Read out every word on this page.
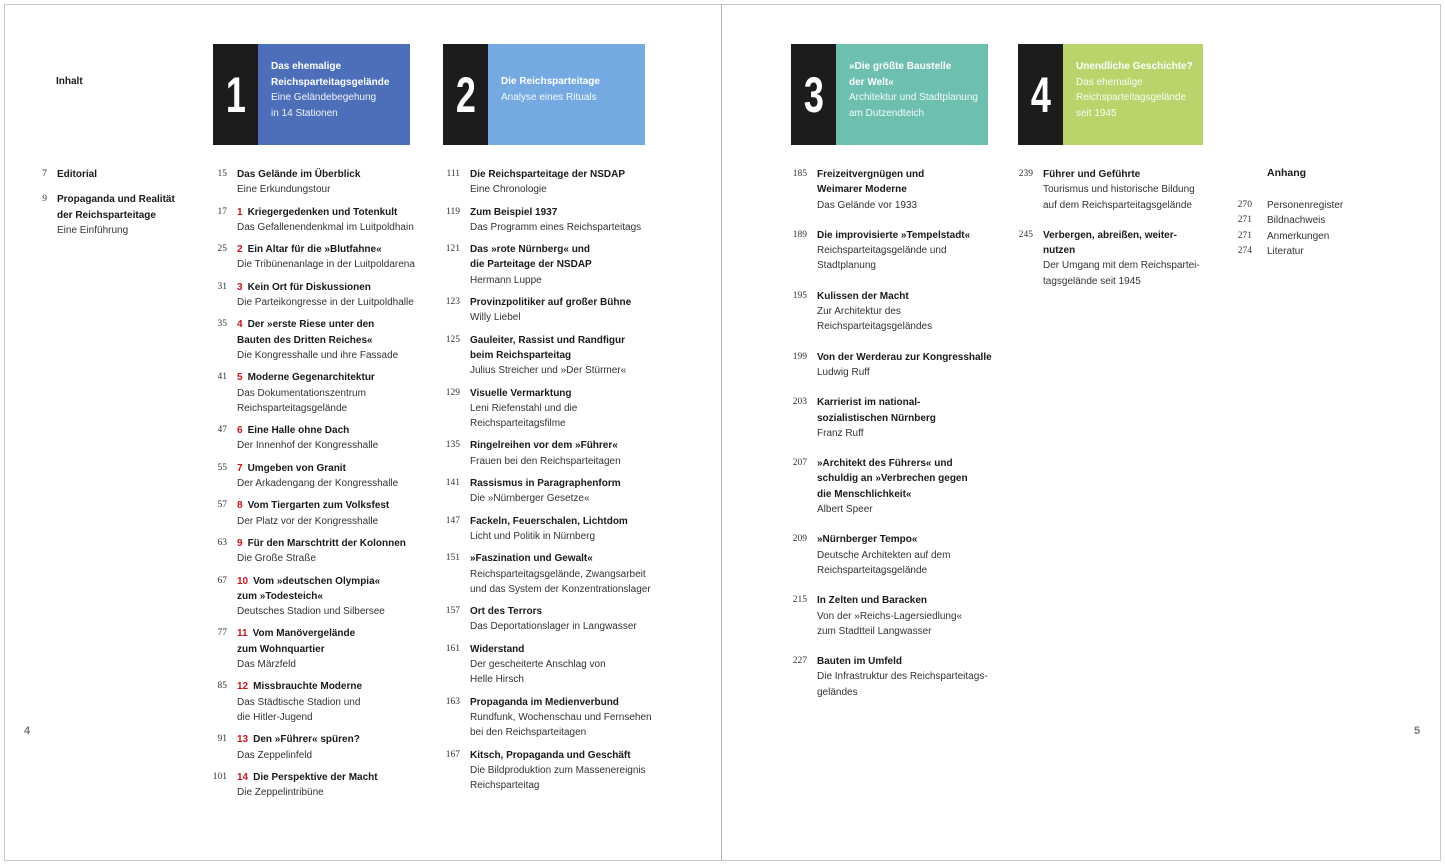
Inhalt
4	5
1	Das ehemalige
Reichsparteitagsgelände
Eine Geländebegehung
in 14 Stationen	2	Die Reichsparteitage
Analyse eines Rituals	3	»Die größte Baustelle
der Welt«
Architektur und Stadtplanung
am Dutzendteich	4	Unendliche Geschichte?
Das ehemalige
Reichsparteitagsgelände
seit 1945
7 Editorial
9 Propaganda und Realität
der Reichsparteitage
Eine Einführung
15 Das Gelände im Überblick
Eine Erkundungstour
17 1 Kriegergedenken und Totenkult
Das Gefallenendenkmal im Luitpoldhain
25 2 Ein Altar für die »Blutfahne«
Die Tribünenanlage in der Luitpoldarena
31 3 Kein Ort für Diskussionen
Die Parteikongresse in der Luitpoldhalle
35 4 Der »erste Riese unter den
Bauten des Dritten Reiches«
Die Kongresshalle und ihre Fassade
41 5 Moderne Gegenarchitektur
Das Dokumentationszentrum
Reichsparteitagsgelände
47 6 Eine Halle ohne Dach
Der Innenhof der Kongresshalle
55 7 Umgeben von Granit
Der Arkadengang der Kongresshalle
57 8 Vom Tiergarten zum Volksfest
Der Platz vor der Kongresshalle
63 9 Für den Marschtritt der Kolonnen
Die Große Straße
67 10 Vom »deutschen Olympia«
zum »Todesteich«
Deutsches Stadion und Silbersee
77 11 Vom Manövergelände
zum Wohnquartier
Das Märzfeld
85 12 Missbrauchte Moderne
Das Städtische Stadion und
die Hitler-Jugend
91 13 Den »Führer« spüren?
Das Zeppelinfeld
101 14 Die Perspektive der Macht
Die Zeppelintribüne
111 Die Reichsparteitage der NSDAP
Eine Chronologie
119 Zum Beispiel 1937
Das Programm eines Reichsparteitags
121 Das »rote Nürnberg« und
die Parteitage der NSDAP
Hermann Luppe
123 Provinzpolitiker auf großer Bühne
Willy Liebel
125 Gauleiter, Rassist und Randfigur
beim Reichsparteitag
Julius Streicher und »Der Stürmer«
129 Visuelle Vermarktung
Leni Riefenstahl und die
Reichsparteitagsfilme
135 Ringelreihen vor dem »Führer«
Frauen bei den Reichsparteitagen
141 Rassismus in Paragraphenform
Die »Nürnberger Gesetze«
147 Fackeln, Feuerschalen, Lichtdom
Licht und Politik in Nürnberg
151 »Faszination und Gewalt«
Reichsparteitagsgelände, Zwangsarbeit
und das System der Konzentrationslager
157 Ort des Terrors
Das Deportationslager in Langwasser
161 Widerstand
Der gescheiterte Anschlag von
Helle Hirsch
163 Propaganda im Medienverbund
Rundfunk, Wochenschau und Fernsehen
bei den Reichsparteitagen
167 Kitsch, Propaganda und Geschäft
Die Bildproduktion zum Massenereignis
Reichsparteitag
185 Freizeitvergnügen und
Weimarer Moderne
Das Gelände vor 1933
189 Die improvisierte »Tempelstadt«
Reichsparteitagsgelände und
Stadtplanung
195 Kulissen der Macht
Zur Architektur des
Reichsparteitagsgeländes
199 Von der Werderau zur Kongresshalle
Ludwig Ruff
203 Karrierist im national-
sozialistischen Nürnberg
Franz Ruff
207 »Architekt des Führers« und
schuldig an »Verbrechen gegen
die Menschlichkeit«
Albert Speer
209 »Nürnberger Tempo«
Deutsche Architekten auf dem
Reichsparteitagsgelände
215 In Zelten und Baracken
Von der »Reichs-Lagersiedlung«
zum Stadtteil Langwasser
227 Bauten im Umfeld
Die Infrastruktur des Reichsparteitags-
geländes
239 Führer und Geführte
Tourismus und historische Bildung
auf dem Reichsparteitagsgelände
245 Verbergen, abreißen, weiter-
nutzen
Der Umgang mit dem Reichspartei-
tagsgelände seit 1945
Anhang
270	Personenregister
271	Bildnachweis
271	Anmerkungen
274	Literatur
